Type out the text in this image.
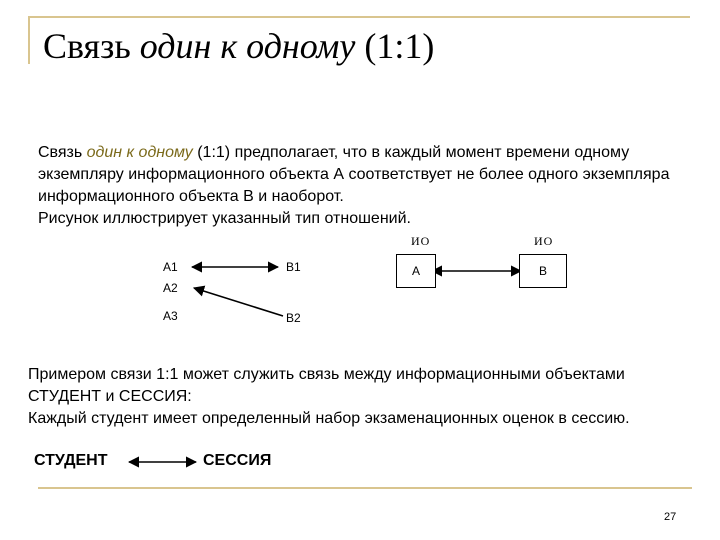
Связь один к одному (1:1)
Связь один к одному (1:1) предполагает, что в каждый момент времени одному экземпляру информационного объекта А соответствует не более одного экземпляра информационного объекта В и наоборот.
Рисунок иллюстрирует указанный тип отношений.
А1
А2
А3
В1
В2
ИО	ИО
А	В
Примером связи 1:1 может служить связь между информационными объектами СТУДЕНТ и СЕССИЯ:
Каждый студент имеет определенный набор экзаменационных оценок в сессию.
СТУДЕНТ	СЕССИЯ
27
